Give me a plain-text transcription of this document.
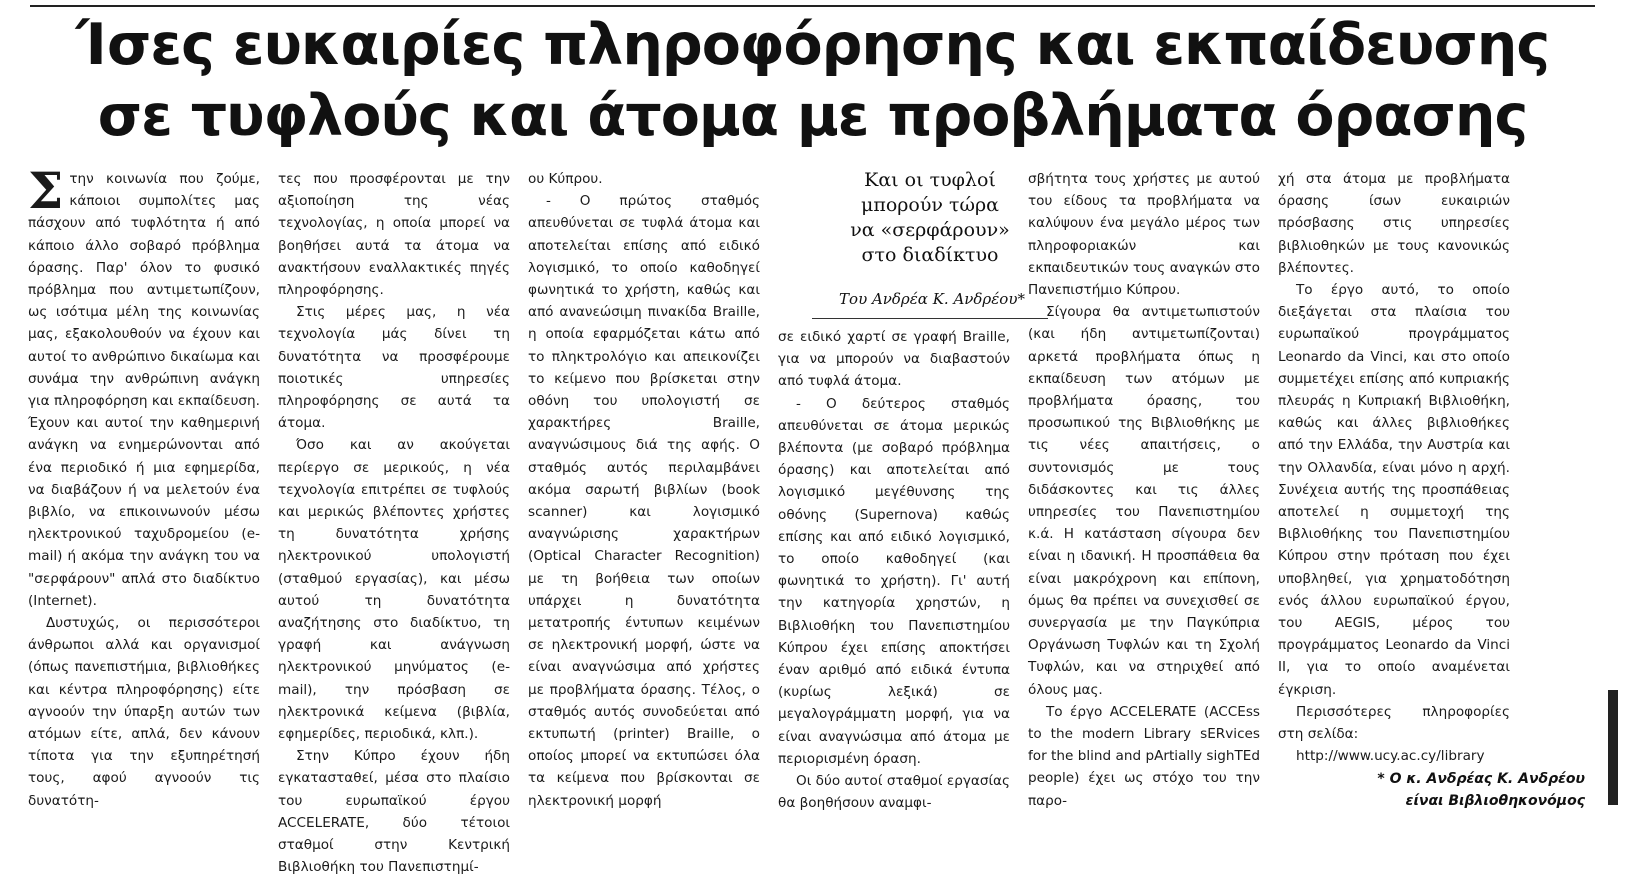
Ίσες ευκαιρίες πληροφόρησης και εκπαίδευσης
σε τυφλούς και άτομα με προβλήματα όρασης

Στην κοινωνία που ζούμε, κάποιοι συμπολίτες μας πάσχουν από τυφλότητα ή από κάποιο άλλο σοβαρό πρόβλημα όρασης. Παρ' όλον το φυσικό πρόβλημα που αντιμετωπίζουν, ως ισότιμα μέλη της κοινωνίας μας, εξακολουθούν να έχουν και αυτοί το ανθρώπινο δικαίωμα και συνάμα την ανθρώπινη ανάγκη για πληροφόρηση και εκπαίδευση. Έχουν και αυτοί την καθημερινή ανάγκη να ενημερώνονται από ένα περιοδικό ή μια εφημερίδα, να διαβάζουν ή να μελετούν ένα βιβλίο, να επικοινωνούν μέσω ηλεκτρονικού ταχυδρομείου (e-mail) ή ακόμα την ανάγκη του να "σερφάρουν" απλά στο διαδίκτυο (Internet).

Δυστυχώς, οι περισσότεροι άνθρωποι αλλά και οργανισμοί (όπως πανεπιστήμια, βιβλιοθήκες και κέντρα πληροφόρησης) είτε αγνοούν την ύπαρξη αυτών των ατόμων είτε, απλά, δεν κάνουν τίποτα για την εξυπηρέτησή τους, αφού αγνοούν τις δυνατότη-

τες που προσφέρονται με την αξιοποίηση της νέας τεχνολογίας, η οποία μπορεί να βοηθήσει αυτά τα άτομα να ανακτήσουν εναλλακτικές πηγές πληροφόρησης.

Στις μέρες μας, η νέα τεχνολογία μάς δίνει τη δυνατότητα να προσφέρουμε ποιοτικές υπηρεσίες πληροφόρησης σε αυτά τα άτομα.

Όσο και αν ακούγεται περίεργο σε μερικούς, η νέα τεχνολογία επιτρέπει σε τυφλούς και μερικώς βλέποντες χρήστες τη δυνατότητα χρήσης ηλεκτρονικού υπολογιστή (σταθμού εργασίας), και μέσω αυτού τη δυνατότητα αναζήτησης στο διαδίκτυο, τη γραφή και ανάγνωση ηλεκτρονικού μηνύματος (e-mail), την πρόσβαση σε ηλεκτρονικά κείμενα (βιβλία, εφημερίδες, περιοδικά, κλπ.).

Στην Κύπρο έχουν ήδη εγκατασταθεί, μέσα στο πλαίσιο του ευρωπαϊκού έργου ACCELERATE, δύο τέτοιοι σταθμοί στην Κεντρική Βιβλιοθήκη του Πανεπιστημί-

ου Κύπρου.

- Ο πρώτος σταθμός απευθύνεται σε τυφλά άτομα και αποτελείται επίσης από ειδικό λογισμικό, το οποίο καθοδηγεί φωνητικά το χρήστη, καθώς και από ανανεώσιμη πινακίδα Braille, η οποία εφαρμόζεται κάτω από το πληκτρολόγιο και απεικονίζει το κείμενο που βρίσκεται στην οθόνη του υπολογιστή σε χαρακτήρες Braille, αναγνώσιμους διά της αφής. Ο σταθμός αυτός περιλαμβάνει ακόμα σαρωτή βιβλίων (book scanner) και λογισμικό αναγνώρισης χαρακτήρων (Optical Character Recognition) με τη βοήθεια των οποίων υπάρχει η δυνατότητα μετατροπής έντυπων κειμένων σε ηλεκτρονική μορφή, ώστε να είναι αναγνώσιμα από χρήστες με προβλήματα όρασης. Τέλος, ο σταθμός αυτός συνοδεύεται από εκτυπωτή (printer) Braille, ο οποίος μπορεί να εκτυπώσει όλα τα κείμενα που βρίσκονται σε ηλεκτρονική μορφή

Και οι τυφλοί
μπορούν τώρα
να «σερφάρουν»
στο διαδίκτυο
Του Ανδρέα Κ. Ανδρέου*

σε ειδικό χαρτί σε γραφή Braille, για να μπορούν να διαβαστούν από τυφλά άτομα.

- Ο δεύτερος σταθμός απευθύνεται σε άτομα μερικώς βλέποντα (με σοβαρό πρόβλημα όρασης) και αποτελείται από λογισμικό μεγέθυνσης της οθόνης (Supernova) καθώς επίσης και από ειδικό λογισμικό, το οποίο καθοδηγεί (και φωνητικά το χρήστη). Γι' αυτή την κατηγορία χρηστών, η Βιβλιοθήκη του Πανεπιστημίου Κύπρου έχει επίσης αποκτήσει έναν αριθμό από ειδικά έντυπα (κυρίως λεξικά) σε μεγαλογράμματη μορφή, για να είναι αναγνώσιμα από άτομα με περιορισμένη όραση.

Οι δύο αυτοί σταθμοί εργασίας θα βοηθήσουν αναμφι-

σβήτητα τους χρήστες με αυτού του είδους τα προβλήματα να καλύψουν ένα μεγάλο μέρος των πληροφοριακών και εκπαιδευτικών τους αναγκών στο Πανεπιστήμιο Κύπρου.

Σίγουρα θα αντιμετωπιστούν (και ήδη αντιμετωπίζονται) αρκετά προβλήματα όπως η εκπαίδευση των ατόμων με προβλήματα όρασης, του προσωπικού της Βιβλιοθήκης με τις νέες απαιτήσεις, ο συντονισμός με τους διδάσκοντες και τις άλλες υπηρεσίες του Πανεπιστημίου κ.ά. Η κατάσταση σίγουρα δεν είναι η ιδανική. Η προσπάθεια θα είναι μακρόχρονη και επίπονη, όμως θα πρέπει να συνεχισθεί σε συνεργασία με την Παγκύπρια Οργάνωση Τυφλών και τη Σχολή Τυφλών, και να στηριχθεί από όλους μας.

Το έργο ACCELERATE (ACCEss to the modern Library sERvices for the blind and pArtially sighTEd people) έχει ως στόχο του την παρο-

χή στα άτομα με προβλήματα όρασης ίσων ευκαιριών πρόσβασης στις υπηρεσίες βιβλιοθηκών με τους κανονικώς βλέποντες.

Το έργο αυτό, το οποίο διεξάγεται στα πλαίσια του ευρωπαϊκού προγράμματος Leonardo da Vinci, και στο οποίο συμμετέχει επίσης από κυπριακής πλευράς η Κυπριακή Βιβλιοθήκη, καθώς και άλλες βιβλιοθήκες από την Ελλάδα, την Αυστρία και την Ολλανδία, είναι μόνο η αρχή. Συνέχεια αυτής της προσπάθειας αποτελεί η συμμετοχή της Βιβλιοθήκης του Πανεπιστημίου Κύπρου στην πρόταση που έχει υποβληθεί, για χρηματοδότηση ενός άλλου ευρωπαϊκού έργου, του AEGIS, μέρος του προγράμματος Leonardo da Vinci II, για το οποίο αναμένεται έγκριση.

Περισσότερες πληροφορίες στη σελίδα:

http://www.ucy.ac.cy/library

* Ο κ. Ανδρέας Κ. Ανδρέου
είναι Βιβλιοθηκονόμος
